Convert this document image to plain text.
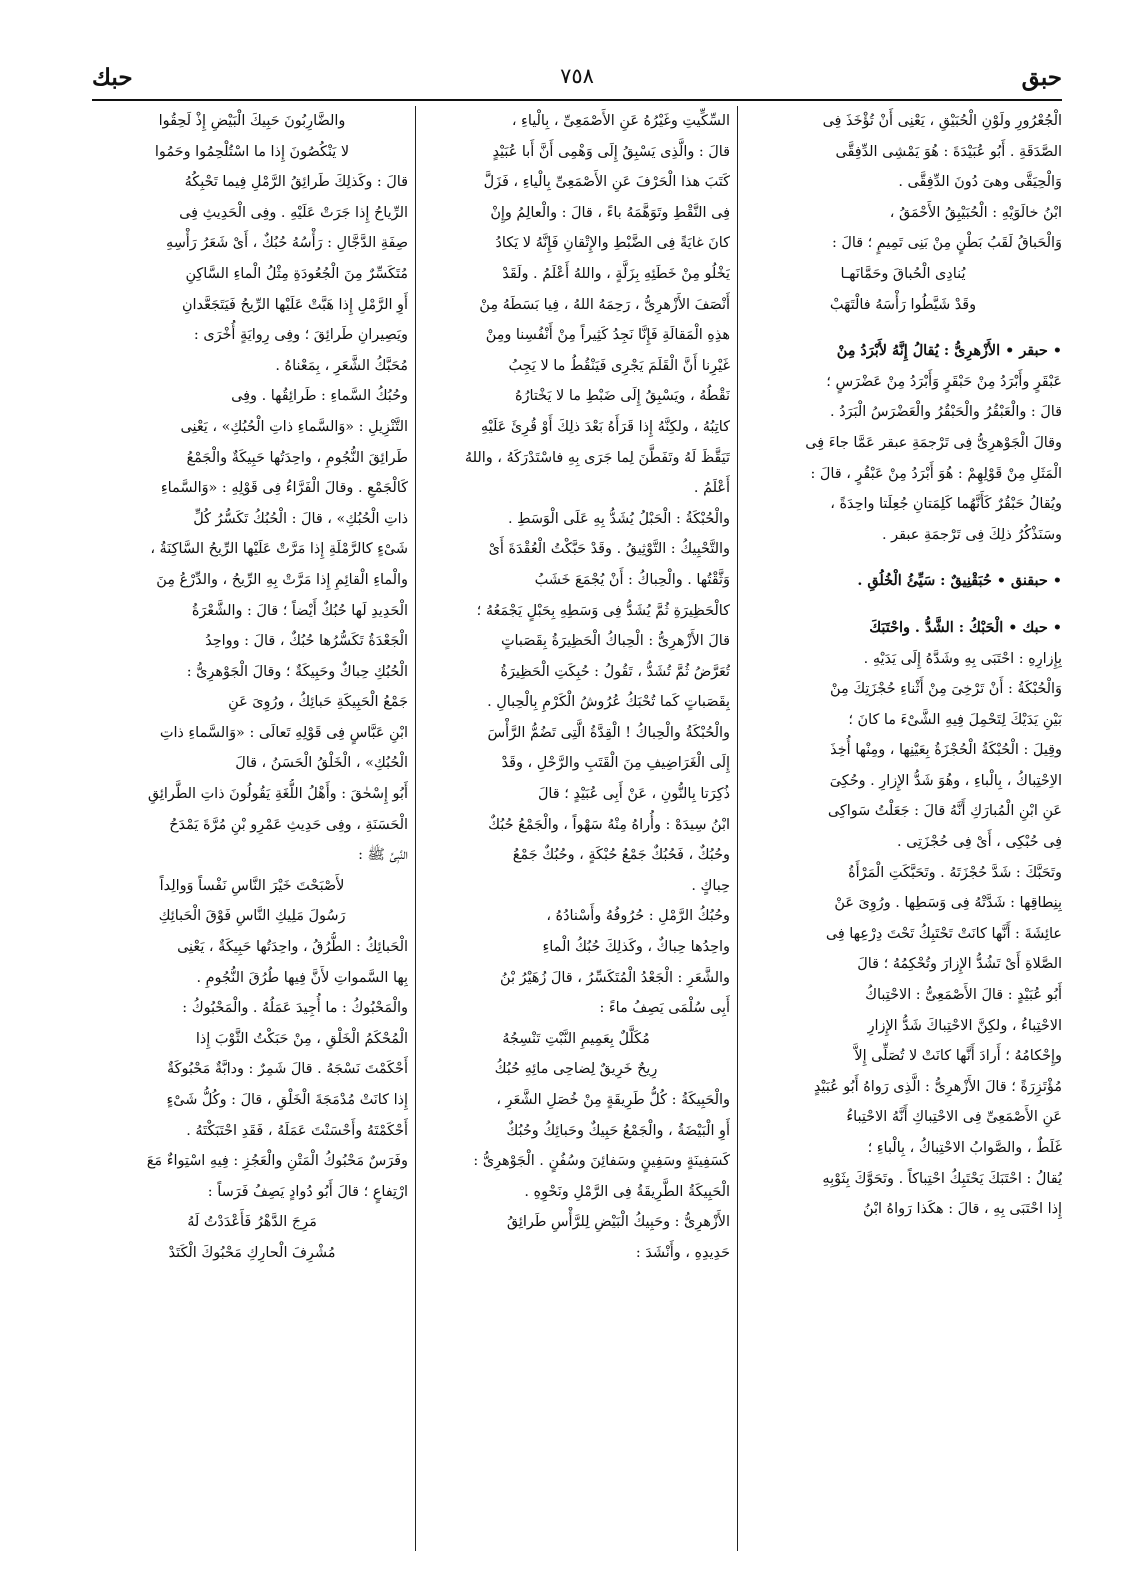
حبق
٧٥٨
حبك
الْجُعْرُورِ ولَوْنِ الْحُبَيْقِ ، يَعْنِى أَنْ تُؤْخَذَ فِى
الصَّدَقَةِ . أَبُو عُبَيْدَةَ : هُوَ يَمْشِى الدِّفِقَّى
وَالْحِيَقَّى وهىَ دُونَ الدِّفِقَّى .
ابْنُ خالَوَيْهِ : الْحُبَيْبِقُ الأَحْمَقُ ،
وَالْحَباقُ لَقَبُ بَطْنٍ مِنْ بَنِى تَمِيمٍ ؛ قالَ :
يُنادِى الْحُباقَ وحَمَّانَهـا
وقَدْ شَيَّطُوا رَأْسَهُ فالْتَهَبْ
• حبقر • الأَزْهرِىُّ : يُقالُ إِنَّهُ لأَبْرَدُ مِنْ
عَبْقَرٍ وأَبْرَدُ مِنْ حَبْقَرٍ وَأَبْرَدُ مِنْ عَضْرَسٍ ؛
قالَ : والْعَبْقُرُ والْحَبْقُرُ والْعَضْرَسُ الْبَرَدُ .
وقالَ الْجَوْهرِىُّ فِى تَرْجمَةِ عبقر عَمَّا جاءَ فِى
الْمَثَلِ مِنْ قَوْلِهِمْ : هُوَ أَبْرَدُ مِنْ عَبْقُرٍ ، قالَ :
ويُقالُ حَبْقُرٌ كَأَنَّهُما كَلِمَتانِ جُعِلَتا واحِدَةً ،
وسَنَذْكُرُ ذلِكَ فِى تَرْجمَةِ عبقر .
• حبقنق • حُبَقْنِيقٌ : سَيِّئُ الْخُلُقِ .
• حبك • الْحَبْكُ : الشَّدُّ . واحْتَبَكَ
بِإِزارِهِ : احْتَبَى بِهِ وشَدَّهُ إِلَى يَدَيْهِ .
وَالْحُبْكَةُ : أَنْ تَرْخِىَ مِنْ أَثْناءِ حُجْزَتِكَ مِنْ
بَيْنِ يَدَيْكَ لِتَحْمِلَ فِيهِ الشَّىْءَ ما كانَ ؛
وقِيلَ : الْحُبْكَةُ الْحُجْزَةُ بِعَيْنِها ، ومِنْها أُخِذَ
الاِحْتِباكُ ، بِالْباءِ ، وهُوَ شَدُّ الإِزارِ . وحُكِىَ
عَنِ ابْنِ الْمُبارَكِ أَنَّهُ قالَ : جَعَلْتُ سَواكِى
فِى حُبْكِى ، أَىْ فِى حُجْزَتِى .
وتَحَبَّكَ : شَدَّ حُجْزَتَهُ . وتَحَبَّكَتِ الْمَرْأَةُ
بِنِطاقِها : شَدَّتْهُ فِى وَسَطِها . ورُوِىَ عَنْ
عائِشَةَ : أَنَّها كانَتْ تَحْتَبِكُ تَحْتَ دِرْعِها فِى
الصَّلاةِ أَىْ تَشُدُّ الإِزارَ وتُحْكِمُهُ ؛ قالَ
أَبُو عُبَيْدٍ : قالَ الأَصْمَعِىُّ : الاحْتِباكُ
الاحْتِباءُ ، ولكِنَّ الاحْتِباكَ شَدُّ الإِزارِ
وإِحْكامُهُ ؛ أَرادَ أَنَّها كانَتْ لا تُصَلِّى إِلاَّ
مُؤْتَزِرَةً ؛ قالَ الأَزْهرِىُّ : الَّذِى رَواهُ أَبُو عُبَيْدٍ
عَنِ الأَصْمَعِىِّ فِى الاحْتِباكِ أَنَّهُ الاحْتِباءُ
غَلَطٌ ، والصَّوابُ الاحْتِباكُ ، بِالْباءِ ؛
يُقالُ : احْتَبَكَ يَحْتَبِكُ احْتِباكاً . وتَحَوَّكَ بِثَوْبِهِ
إِذا احْتَبَى بِهِ ، قالَ : هكَذا رَواهُ ابْنُ
السِّكِّيتِ وغَيْرُهُ عَنِ الأَصْمَعِىِّ ، بِالْياءِ ،
قالَ : والَّذِى يَسْبِقُ إِلَى وَهْمِى أَنَّ أَبا عُبَيْدٍ
كَتَبَ هذا الْحَرْفَ عَنِ الأَصْمَعِىِّ بِالْياءِ ، فَزَلَّ
فِى النَّقْطِ وتَوَهَّمَهُ باءً ، قالَ : والْعالِمُ وإِنْ
كانَ غايَةً فِى الضَّبْطِ والإِتْقانِ فَإِنَّهُ لا يَكادُ
يَخْلُو مِنْ خَطَئِهِ بِزَلَّةٍ ، واللهُ أَعْلَمُ . ولَقَدْ
أَنْصَفَ الأَزْهرِىُّ ، رَحِمَهُ اللهُ ، فِيا بَسَطَهُ مِنْ
هذِهِ الْمَقالَةِ فَإِنَّا نَجِدُ كَثِيراً مِنْ أَنْفُسِنا ومِنْ
غَيْرِنا أَنَّ الْقَلَمَ يَجْرِى فَيَنْقُطُ ما لا يَجِبُ
نَقْطُهُ ، ويَسْبِقُ إِلَى ضَبْطِ ما لا يَخْتارُهُ
كاتِبُهُ ، ولكِنَّهُ إِذا قَرَأَهُ بَعْدَ ذلِكَ أَوْ قُرِئَ عَلَيْهِ
تَيَقَّظَ لَهُ وتَفَطَّنَ لِما جَرَى بِهِ فاسْتَدْرَكَهُ ، واللهُ
أَعْلَمُ .
والْحُبْكَةُ : الْحَبْلُ يُشَدُّ بِهِ عَلَى الْوَسَطِ .
والتَّحْبِيكُ : التَّوْثِيقُ . وقَدْ حَبَّكْتُ الْعُقْدَةَ أَىْ
وَثَّقْتُها . والْحِباكُ : أَنْ يُجْمَعَ خَشَبُ
كالْحَظِيرَةِ ثُمَّ يُشَدُّ فِى وَسَطِهِ بِحَبْلٍ يَجْمَعُهُ ؛
قالَ الأَزْهرِىُّ : الْحِباكُ الْحَظِيرَةُ بِقَصَباتٍ
تُعَرَّضُ ثُمَّ تُشَدُّ ، تَقُولُ : حُبِكَتِ الْحَظِيرَةُ
بِقَصَباتٍ كَما تُحْبَكُ عُرُوشُ الْكَرْمِ بِالْحِبالِ .
والْحُبْكَةُ والْحِباكُ ! الْقِدَّةُ الَّتِى تَضُمُّ الرَّأْسَ
إِلَى الْغَرَاضِيفِ مِنَ الْقَتَبِ والرَّحْلِ ، وقَدْ
ذُكِرَتا بِالنُّونِ ، عَنْ أَبِى عُبَيْدٍ ؛ قالَ
ابْنُ سِيدَهْ : وأُراهُ مِنْهُ سَهْواً ، والْجَمْعُ حُبُكٌ
وحُبُكٌ ، فَحُبُكٌ جَمْعُ حُبْكَةٍ ، وحُبُكٌ جَمْعُ
حِباكٍ .
وحُبُكُ الرَّمْلِ : حُرُوفُهُ وأَسْنادُهُ ،
واحِدُها حِباكٌ ، وكَذلِكَ حُبُكُ الْماءِ
والشَّعَرِ : الْجَعْدُ الْمُتَكَسِّرُ ، قالَ زُهَيْرُ بْنُ
أَبِى سُلْمَى يَصِفُ ماءً :
مُكَلَّلٌ بِعَمِيمِ النَّبْتِ تَنْسِجُهُ
رِيحٌ خَرِيقٌ لِضاحِى مائِهِ حُبُكُ
والْحَبِيكَةُ : كُلُّ طَرِيقَةٍ مِنْ خُصَلِ الشَّعَرِ ،
أَوِ الْبَيْضَةُ ، والْجَمْعُ حَبِيكٌ وحَبائِكُ وحُبُكٌ
كَسَفِينَةٍ وسَفِينٍ وسَفائِنَ وسُفُنٍ . الْجَوْهرِىُّ :
الْحَبِيكَةُ الطَّرِيقَةُ فِى الرَّمْلِ ونَحْوِهِ .
الأَزْهرِىُّ : وحَبِيكُ الْبَيْضِ لِلرَّأْسِ طَرائِقُ
حَدِيدِهِ ، وأَنْشَدَ :
والضَّارِبُونَ حَبِيكَ الْبَيْضِ إِذْ لَحِقُوا
لا يَنْكُصُونَ إِذا ما اسْتُلْحِمُوا وحَمُوا
قالَ : وكَذلِكَ طَرائِقُ الرَّمْلِ فِيما تَحْبِكُهُ
الرِّياحُ إِذا جَرَتْ عَلَيْهِ . وفِى الْحَدِيثِ فِى
صِفَةِ الدَّجَّالِ : رَأْسُهُ حُبُكٌ ، أَىْ شَعَرُ رَأْسِهِ
مُتَكَسِّرٌ مِنَ الْجُعُودَةِ مِثْلُ الْماءِ السَّاكِنِ
أَوِ الرَّمْلِ إِذا هَبَّتْ عَلَيْها الرِّيحُ فَيَتَجَعَّدانِ
ويَصِيرانِ طَرائِقَ ؛ وفِى رِوايَةٍ أُخْرَى :
مُحَبَّكُ الشَّعَرِ ، بِمَعْناهُ .
وحُبُكُ السَّماءِ : طَرائِقُها . وفِى
التَّنْزِيلِ : «وَالسَّماءِ ذاتِ الْحُبُكِ» ، يَعْنِى
طَرائِقَ النُّجُومِ ، واحِدَتُها حَبِيكَةٌ والْجَمْعُ
كَالْجَمْعِ . وقالَ الْفَرَّاءُ فِى قَوْلِهِ : «وَالسَّماءِ
ذاتِ الْحُبُكِ» ، قالَ : الْحُبُكُ تَكَسُّرُ كُلِّ
شَىْءٍ كالرَّمْلَةِ إِذا مَرَّتْ عَلَيْها الرِّيحُ السَّاكِنَةُ ،
والْماءِ الْقائِمِ إِذا مَرَّتْ بِهِ الرِّيحُ ، والدِّرْعُ مِنَ
الْحَدِيدِ لَها حُبُكٌ أَيْضاً ؛ قالَ : والشَّعْرَةُ
الْجَعْدَةُ تَكَسُّرُها حُبُكٌ ، قالَ : وواحِدُ
الْحُبُكِ حِباكٌ وحَبِيكَةٌ ؛ وقالَ الْجَوْهرِىُّ :
جَمْعُ الْحَبِيكَةِ حَبائِكُ ، ورُوِىَ عَنِ
ابْنِ عَبَّاسٍ فِى قَوْلِهِ تَعالَى : «وَالسَّماءِ ذاتِ
الْحُبُكِ» ، الْخَلْقُ الْحَسَنُ ، قالَ
أَبُو إِسْحٰقَ : وأَهْلُ اللُّغَةِ يَقُولُونَ ذاتِ الطَّرائِقِ
الْحَسَنَةِ ، وفِى حَدِيثِ عَمْرِو بْنِ مُرَّةَ يَمْدَحُ
النَّبِىَّ ﷺ :
لأَصْبَحْتَ خَيْرَ النَّاسِ نَفْساً وَوالِداً
رَسُولَ مَلِيكِ النَّاسِ فَوْقَ الْحَبائِكِ
الْحَبائِكُ : الطُّرُقُ ، واحِدَتُها حَبِيكَةٌ ، يَعْنِى
بِها السَّمواتِ لأَنَّ فِيها طُرُقَ النُّجُومِ .
والْمَحْبُوكُ : ما أُجِيدَ عَمَلُهُ . والْمَحْبُوكُ :
الْمُحْكَمُ الْخَلْقِ ، مِنْ حَبَكْتُ الثَّوْبَ إِذا
أَحْكَمْتَ نَسْجَهُ . قالَ شَمِرٌ : ودابَّةٌ مَحْبُوكَةٌ
إِذا كانَتْ مُدْمَجَةَ الْخَلْقِ ، قالَ : وكُلُّ شَىْءٍ
أَحْكَمْتَهُ وأَحْسَنْتَ عَمَلَهُ ، فَقَدِ احْتَبَكْتَهُ .
وفَرَسٌ مَحْبُوكُ الْمَتْنِ والْعَجُزِ : فِيهِ اسْتِواءٌ مَعَ
ارْتِفاعٍ ؛ قالَ أَبُو دُوادٍ يَصِفُ فَرَساً :
مَرِجَ الدَّهْرُ فَأَعْدَدْتُ لَهُ
مُشْرِفَ الْحارِكِ مَحْبُوكَ الْكَتَدْ
